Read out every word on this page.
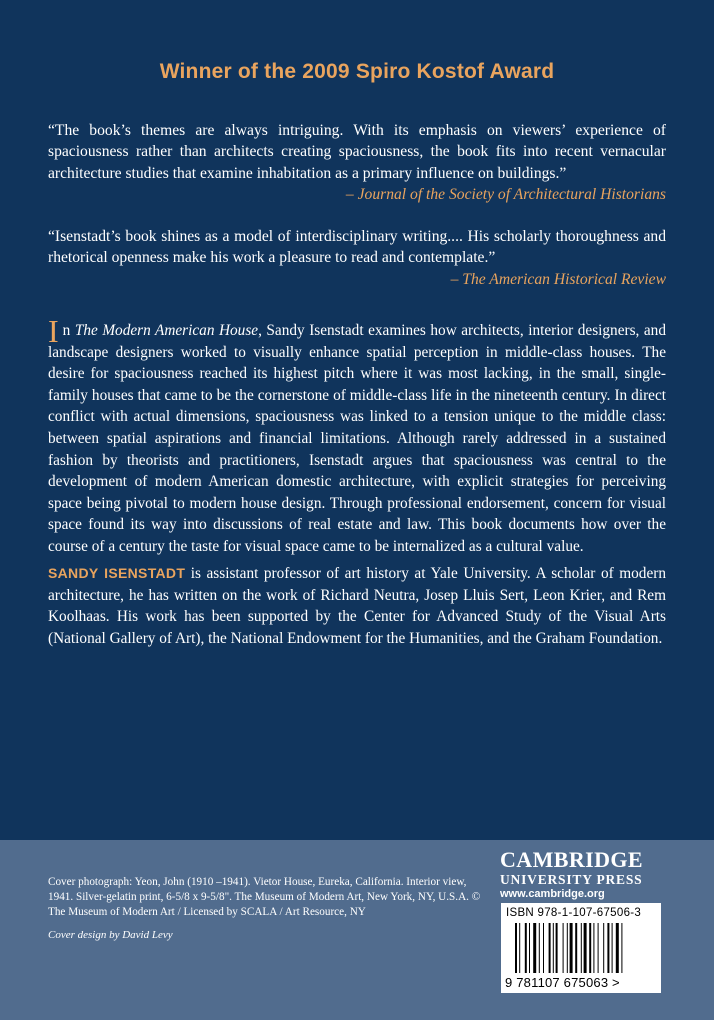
Winner of the 2009 Spiro Kostof Award
“The book’s themes are always intriguing. With its emphasis on viewers’ experience of spaciousness rather than architects creating spaciousness, the book fits into recent vernacular architecture studies that examine inhabitation as a primary influence on buildings.”
– Journal of the Society of Architectural Historians
“Isenstadt’s book shines as a model of interdisciplinary writing.... His scholarly thoroughness and rhetorical openness make his work a pleasure to read and contemplate.”
– The American Historical Review
In The Modern American House, Sandy Isenstadt examines how architects, interior designers, and landscape designers worked to visually enhance spatial perception in middle-class houses. The desire for spaciousness reached its highest pitch where it was most lacking, in the small, single-family houses that came to be the cornerstone of middle-class life in the nineteenth century. In direct conflict with actual dimensions, spaciousness was linked to a tension unique to the middle class: between spatial aspirations and financial limitations. Although rarely addressed in a sustained fashion by theorists and practitioners, Isenstadt argues that spaciousness was central to the development of modern American domestic architecture, with explicit strategies for perceiving space being pivotal to modern house design. Through professional endorsement, concern for visual space found its way into discussions of real estate and law. This book documents how over the course of a century the taste for visual space came to be internalized as a cultural value.
SANDY ISENSTADT is assistant professor of art history at Yale University. A scholar of modern architecture, he has written on the work of Richard Neutra, Josep Lluis Sert, Leon Krier, and Rem Koolhaas. His work has been supported by the Center for Advanced Study of the Visual Arts (National Gallery of Art), the National Endowment for the Humanities, and the Graham Foundation.
Cover photograph: Yeon, John (1910 –1941). Vietor House, Eureka, California. Interior view, 1941. Silver-gelatin print, 6-5/8 x 9-5/8". The Museum of Modern Art, New York, NY, U.S.A. © The Museum of Modern Art / Licensed by SCALA / Art Resource, NY
Cover design by David Levy
CAMBRIDGE
UNIVERSITY PRESS
www.cambridge.org
ISBN 978-1-107-67506-3
9 781107 675063 >
